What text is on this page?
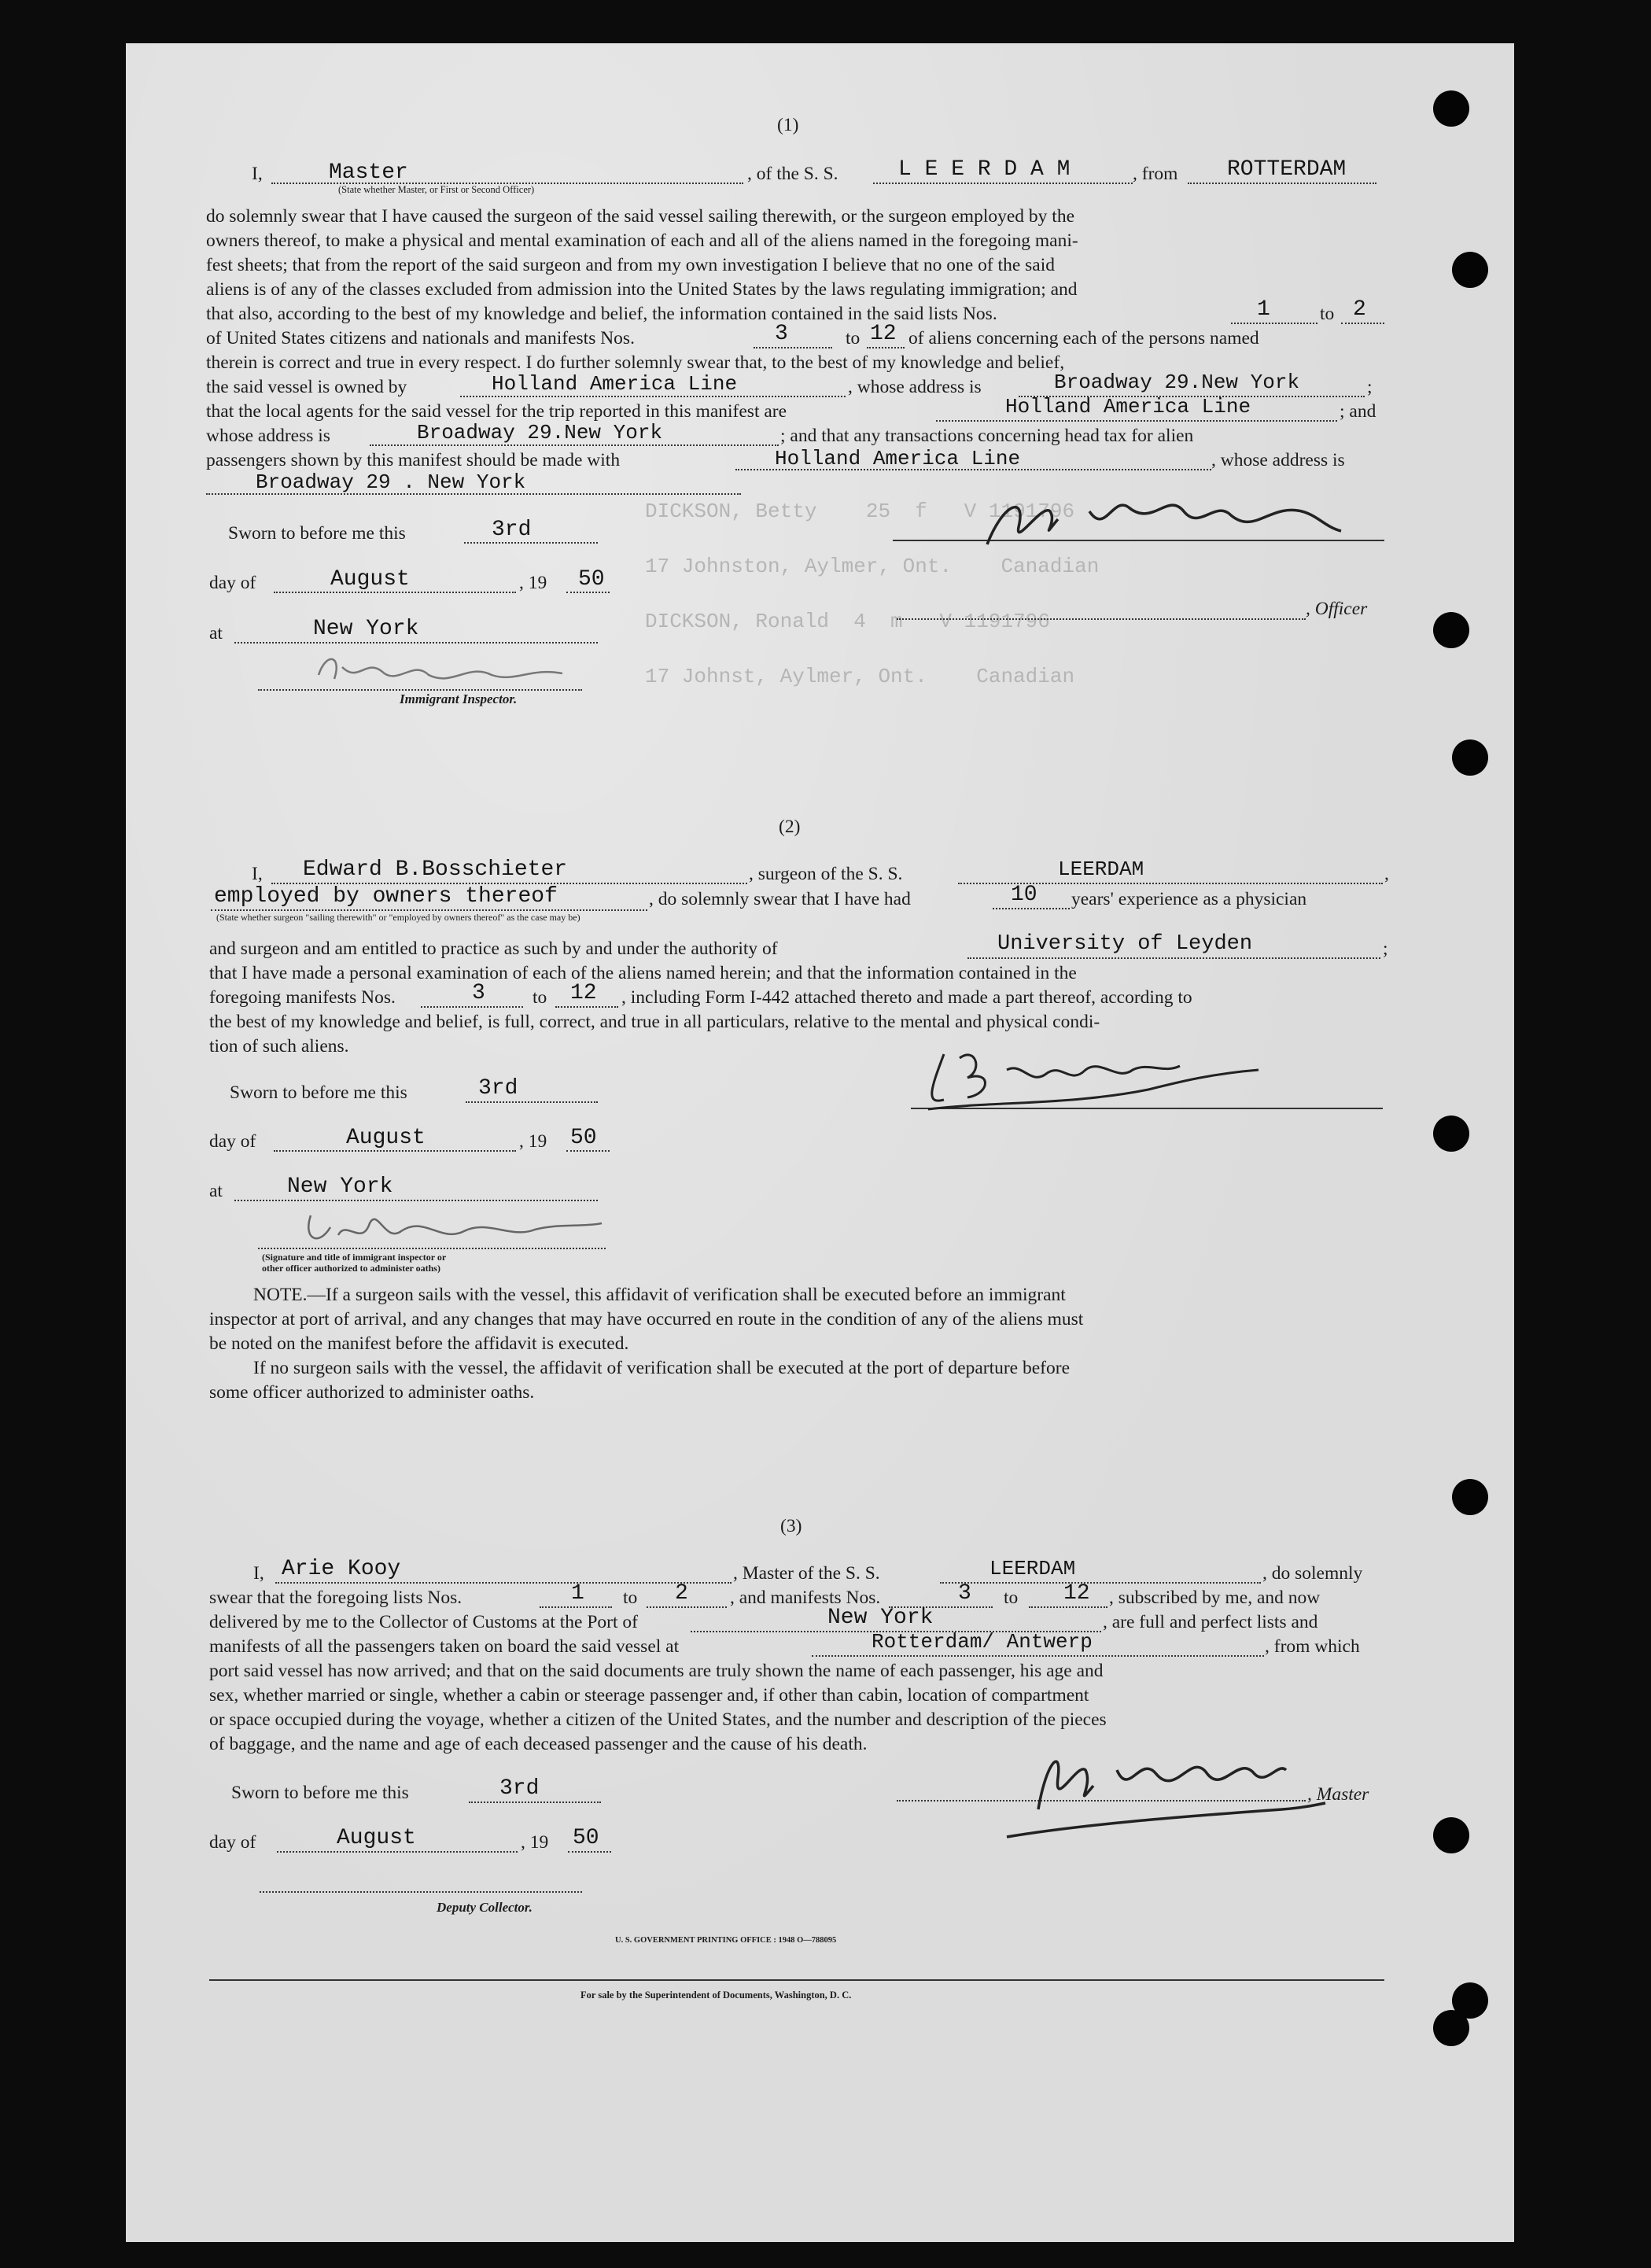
DICKSON, Betty    25  f   V 1191796
17 Johnston, Aylmer, Ont.    Canadian
DICKSON, Ronald  4  m   V 1191796
17 Johnst, Aylmer, Ont.    Canadian
(1)
I,	Master	, of the S. S.	L E E R D A M	, from ROTTERDAM
(State whether Master, or First or Second Officer)
do solemnly swear that I have caused the surgeon of the said vessel sailing therewith, or the surgeon employed by the
owners thereof, to make a physical and mental examination of each and all of the aliens named in the foregoing mani-
fest sheets; that from the report of the said surgeon and from my own investigation I believe that no one of the said
aliens is of any of the classes excluded from admission into the United States by the laws regulating immigration; and
that also, according to the best of my knowledge and belief, the information contained in the said lists Nos.	1	to 2
of United States citizens and nationals and manifests Nos.	3	to 12 of aliens concerning each of the persons named
therein is correct and true in every respect. I do further solemnly swear that, to the best of my knowledge and belief,
the said vessel is owned by	Holland America Line	, whose address is	Broadway 29.New York	;
that the local agents for the said vessel for the trip reported in this manifest are	Holland America Line	; and
whose address is	Broadway 29.New York	; and that any transactions concerning head tax for alien
passengers shown by this manifest should be made with	Holland America Line	, whose address is
Broadway 29 . New York
Sworn to before me this	3rd
day of	August	, 19 50
, Officer
at	New York
Immigrant Inspector.
(2)
I, Edward B.Bosschieter	, surgeon of the S. S.	LEERDAM	,
employed by owners thereof	, do solemnly swear that I have had	10 years' experience as a physician
(State whether surgeon "sailing therewith" or "employed by owners thereof" as the case may be)
and surgeon and am entitled to practice as such by and under the authority of	University of Leyden	;
that I have made a personal examination of each of the aliens named herein; and that the information contained in the
foregoing manifests Nos.	3	to 12 , including Form I-442 attached thereto and made a part thereof, according to
the best of my knowledge and belief, is full, correct, and true in all particulars, relative to the mental and physical condi-
tion of such aliens.
Sworn to before me this	3rd
day of	August	, 19 50
at	New York
(Signature and title of immigrant inspector or
other officer authorized to administer oaths)
NOTE.—If a surgeon sails with the vessel, this affidavit of verification shall be executed before an immigrant
inspector at port of arrival, and any changes that may have occurred en route in the condition of any of the aliens must
be noted on the manifest before the affidavit is executed.
If no surgeon sails with the vessel, the affidavit of verification shall be executed at the port of departure before
some officer authorized to administer oaths.
(3)
I, Arie Kooy	, Master of the S. S.	LEERDAM	, do solemnly
swear that the foregoing lists Nos.	1 to 2 , and manifests Nos.	3 to 12 , subscribed by me, and now
delivered by me to the Collector of Customs at the Port of	New York	, are full and perfect lists and
manifests of all the passengers taken on board the said vessel at	Rotterdam/ Antwerp	, from which
port said vessel has now arrived; and that on the said documents are truly shown the name of each passenger, his age and
sex, whether married or single, whether a cabin or steerage passenger and, if other than cabin, location of compartment
or space occupied during the voyage, whether a citizen of the United States, and the number and description of the pieces
of baggage, and the name and age of each deceased passenger and the cause of his death.
Sworn to before me this	3rd	, Master
day of	August	, 19 50
Deputy Collector.
U. S. GOVERNMENT PRINTING OFFICE : 1948 O—788095
For sale by the Superintendent of Documents, Washington, D. C.
